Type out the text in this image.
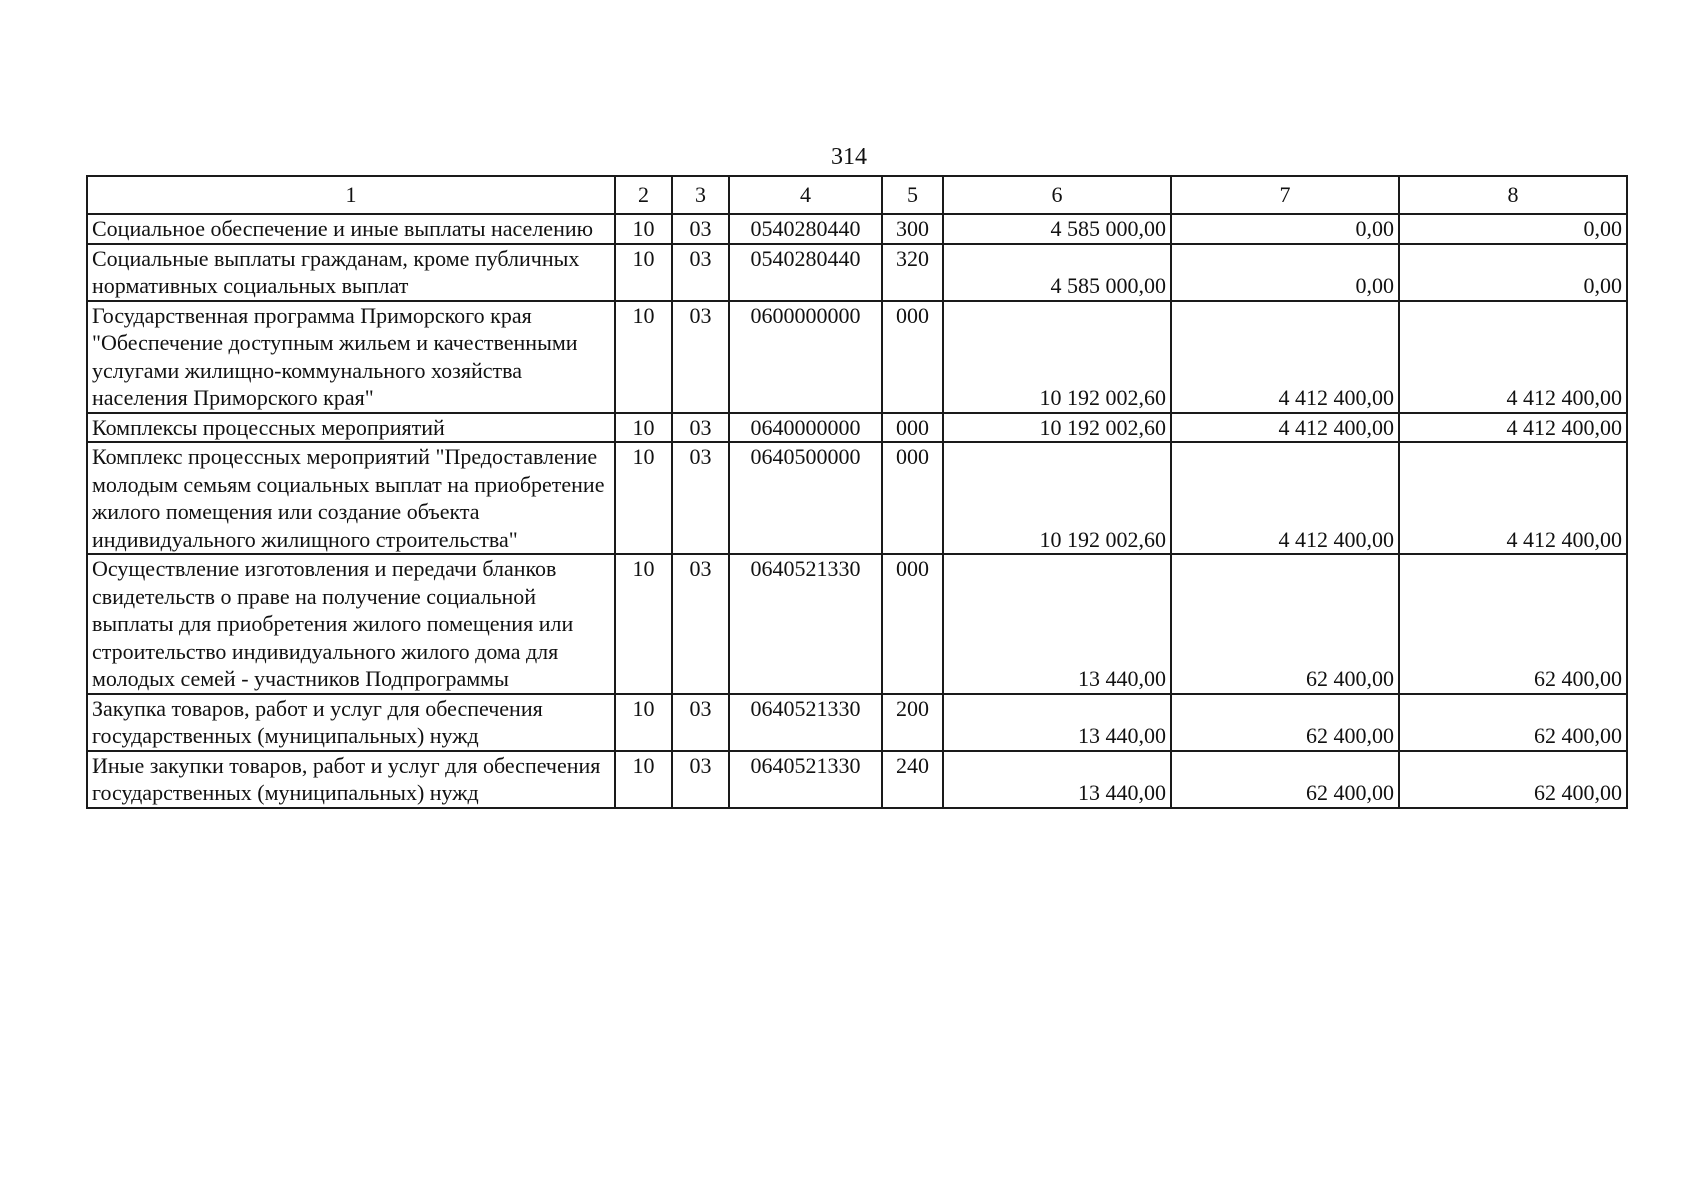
314
1	2	3	4	5	6	7	8
Социальное обеспечение и иные выплаты населению	10	03	0540280440	300	4 585 000,00	0,00	0,00
Социальные выплаты гражданам, кроме публичных нормативных социальных выплат	10	03	0540280440	320	4 585 000,00	0,00	0,00
Государственная программа Приморского края "Обеспечение доступным жильем и качественными услугами жилищно-коммунального хозяйства населения Приморского края"	10	03	0600000000	000	10 192 002,60	4 412 400,00	4 412 400,00
Комплексы процессных мероприятий	10	03	0640000000	000	10 192 002,60	4 412 400,00	4 412 400,00
Комплекс процессных мероприятий "Предоставление молодым семьям социальных выплат на приобретение жилого помещения или создание объекта индивидуального жилищного строительства"	10	03	0640500000	000	10 192 002,60	4 412 400,00	4 412 400,00
Осуществление изготовления и передачи бланков свидетельств о праве на получение социальной выплаты для приобретения жилого помещения или строительство индивидуального жилого дома для молодых семей - участников Подпрограммы	10	03	0640521330	000	13 440,00	62 400,00	62 400,00
Закупка товаров, работ и услуг для обеспечения государственных (муниципальных) нужд	10	03	0640521330	200	13 440,00	62 400,00	62 400,00
Иные закупки товаров, работ и услуг для обеспечения государственных (муниципальных) нужд	10	03	0640521330	240	13 440,00	62 400,00	62 400,00
